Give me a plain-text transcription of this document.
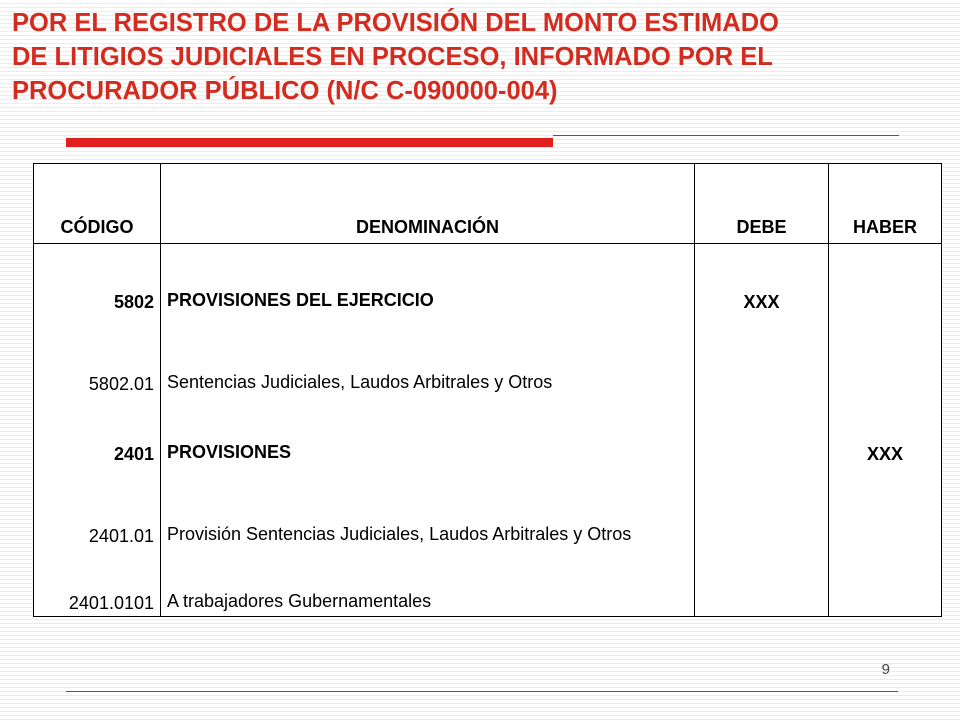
POR EL REGISTRO DE LA PROVISIÓN DEL MONTO ESTIMADO
DE LITIGIOS JUDICIALES EN PROCESO, INFORMADO POR EL
PROCURADOR PÚBLICO (N/C C-090000-004)
CÓDIGO	DENOMINACIÓN	DEBE	HABER
5802	PROVISIONES DEL EJERCICIO	XXX	
5802.01	Sentencias Judiciales, Laudos Arbitrales y Otros		
2401	PROVISIONES		XXX
2401.01	Provisión Sentencias Judiciales, Laudos Arbitrales y Otros		
2401.0101	A trabajadores Gubernamentales		
9
